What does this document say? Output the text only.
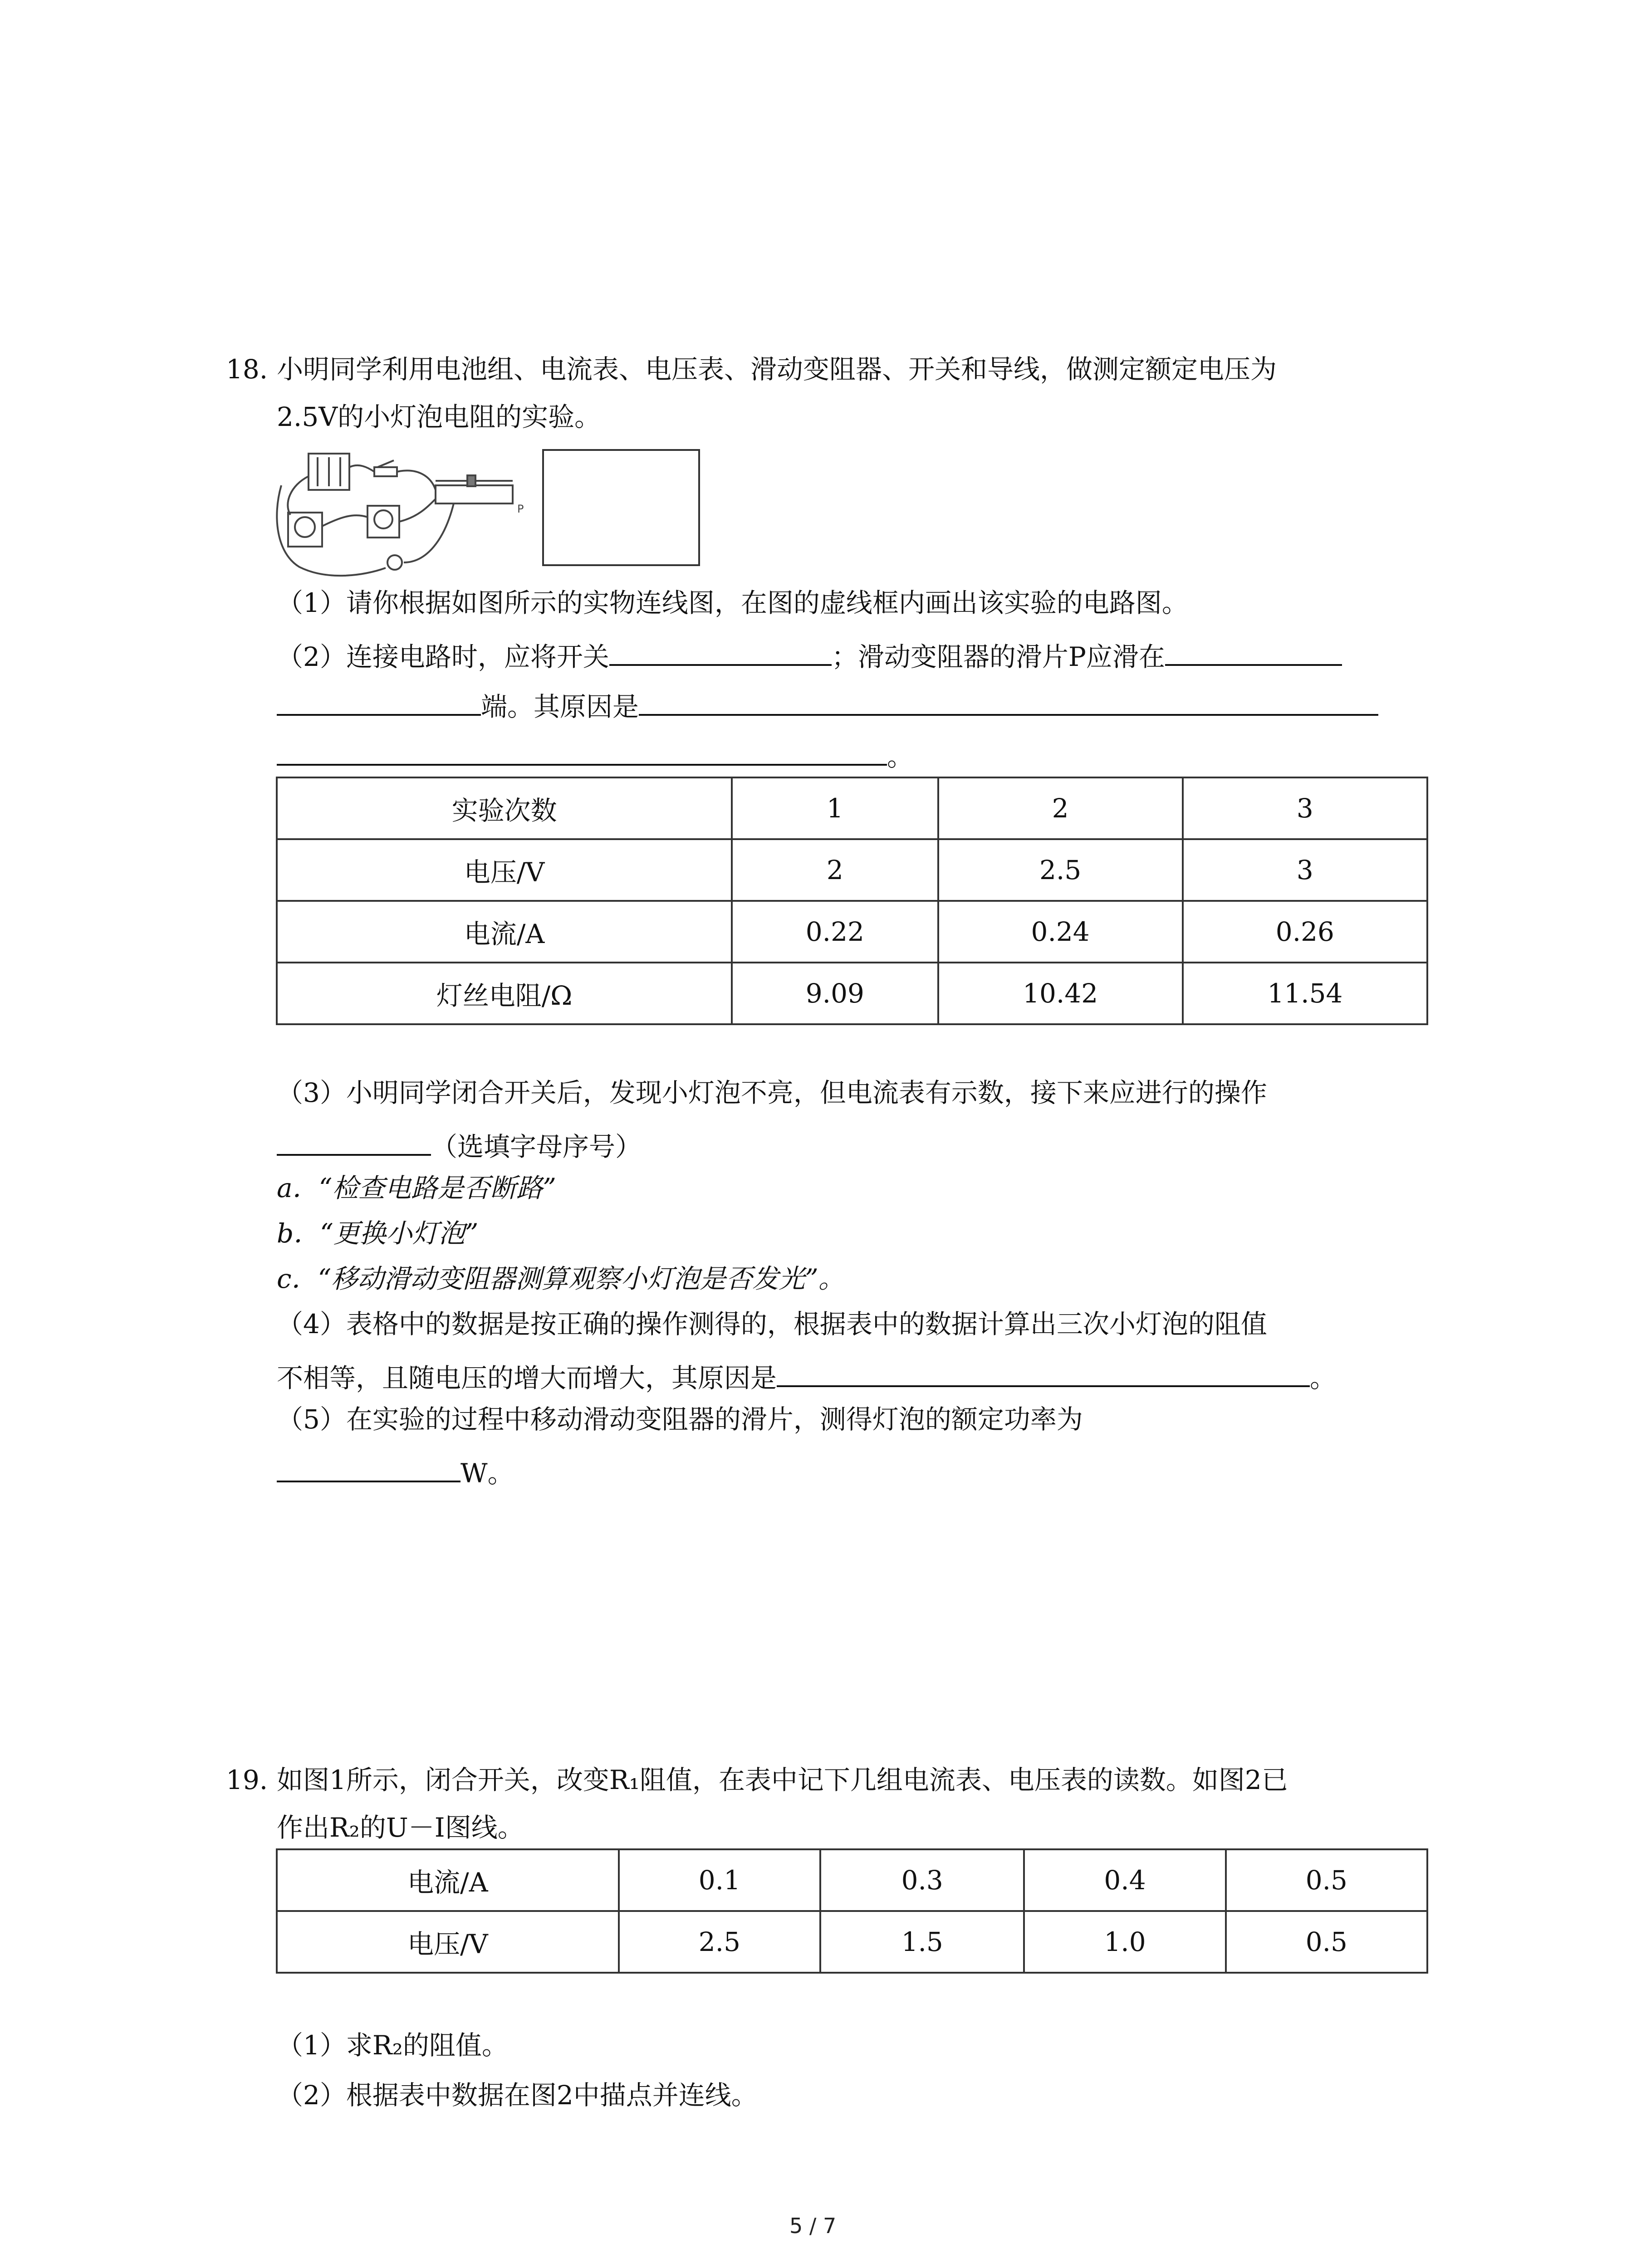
18. 小明同学利用电池组、电流表、电压表、滑动变阻器、开关和导线，做测定额定电压为
2.5V的小灯泡电阻的实验。
P
（1）请你根据如图所示的实物连线图，在图的虚线框内画出该实验的电路图。
（2）连接电路时，应将开关	；滑动变阻器的滑片P应滑在
端。其原因是
。
实验次数	1	2	3
电压/V	2	2.5	3
电流/A	0.22	0.24	0.26
灯丝电阻/Ω	9.09	10.42	11.54
（3）小明同学闭合开关后，发现小灯泡不亮，但电流表有示数，接下来应进行的操作
（选填字母序号）
a．“检查电路是否断路”
b．“更换小灯泡”
c．“移动滑动变阻器测算观察小灯泡是否发光”。
（4）表格中的数据是按正确的操作测得的，根据表中的数据计算出三次小灯泡的阻值
不相等，且随电压的增大而增大，其原因是	。
（5）在实验的过程中移动滑动变阻器的滑片，测得灯泡的额定功率为
W。
19. 如图1所示，闭合开关，改变R₁阻值，在表中记下几组电流表、电压表的读数。如图2已
作出R₂的U－I图线。
电流/A	0.1	0.3	0.4	0.5
电压/V	2.5	1.5	1.0	0.5
（1）求R₂的阻值。
（2）根据表中数据在图2中描点并连线。
5 / 7
